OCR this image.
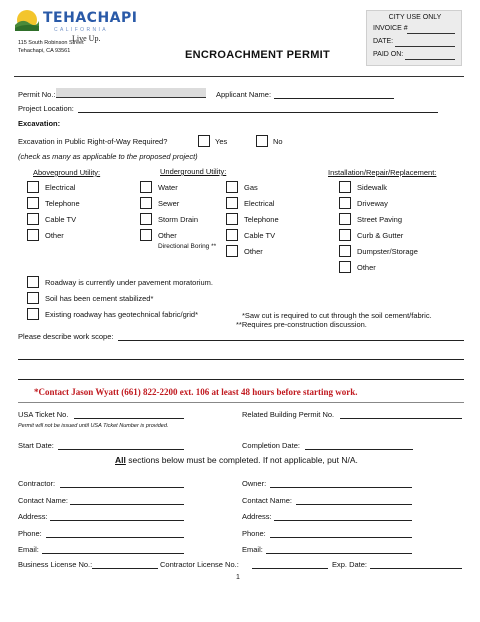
TEHACHAPI
CALIFORNIA
Live Up.
115 South Robinson Street
Tehachapi, CA 93561	ENCROACHMENT PERMIT
CITY USE ONLY
INVOICE #
DATE:
PAID ON:
Permit No.:	Applicant Name:
Project Location:
Excavation:
Excavation in Public Right-of-Way Required?	Yes	No
(check as many as applicable to the proposed project)
Aboveground Utility:	Underground Utility:	Installation/Repair/Replacement:
Electrical
Telephone
Cable TV
Other
Water
Sewer
Storm Drain
Other
Directional Boring **
Gas
Electrical
Telephone
Cable TV
Other
Sidewalk
Driveway
Street Paving
Curb & Gutter
Dumpster/Storage
Other
Roadway is currently under pavement moratorium.
Soil has been cement stabilized*
Existing roadway has geotechnical fabric/grid*	*Saw cut is required to cut through the soil cement/fabric.
**Requires pre-construction discussion.
Please describe work scope:
*Contact Jason Wyatt (661) 822-2200 ext. 106 at least 48 hours before starting work.
USA Ticket No.	Related Building Permit No.
Permit will not be issued until USA Ticket Number is provided.
Start Date:	Completion Date:
All sections below must be completed. If not applicable, put N/A.
Contractor:
Contact Name:
Address:
Phone:
Email:
Owner:
Contact Name:
Address:
Phone:
Email:
Business License No.:	Contractor License No.:	Exp. Date:
1
